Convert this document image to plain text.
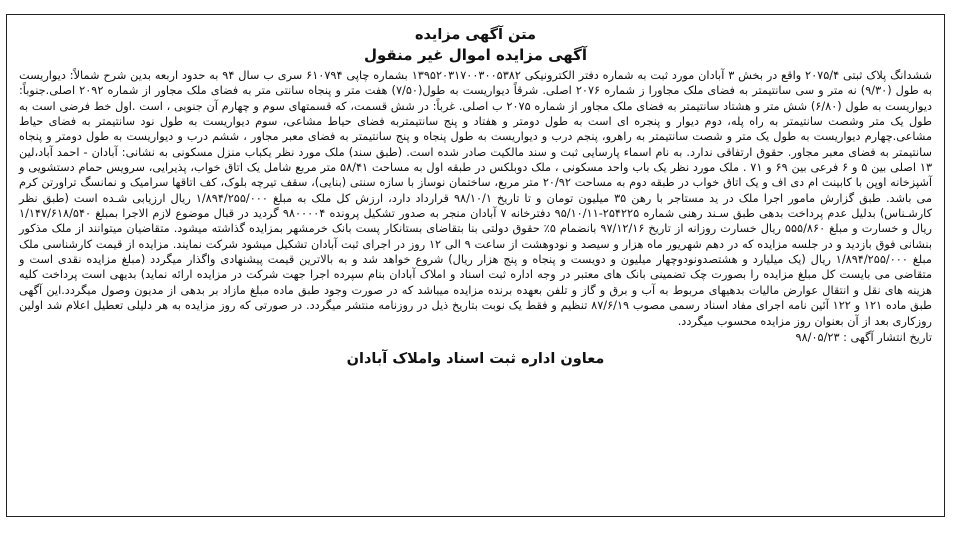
متن آگهی مزایده
آگهی مزایده اموال غیر منقول

ششدانگ پلاک ثبتی ۲۰۷۵/۴ واقع در بخش ۳ آبادان مورد ثبت به شماره دفتر الکترونیکی ۱۳۹۵۲۰۳۱۷۰۰۳۰۰۵۳۸۲ بشماره چاپی ۶۱۰۷۹۴ سری ب سال ۹۴ به حدود اربعه بدین شرح شمالاً: دیواریست به طول (۹/۳۰) نه متر و سی سانتیمتر به فضای ملک مجاورا ز شماره ۲۰۷۶ اصلی. شرقاً دیواریست به طول(۷/۵۰) هفت متر و پنجاه سانتی متر به فضای ملک مجاور از شماره ۲۰۹۲ اصلی.جنوباً: دیواریست به طول (۶/۸۰) شش متر و هشتاد سانتیمتر به فضای ملک مجاور از شماره ۲۰۷۵ ب اصلی. غرباً: در شش قسمت، که قسمتهای سوم و چهارم آن جنوبی ، است .اول خط فرضی است به طول یک متر وشصت سانتیمتر به راه پله، دوم دیوار و پنجره ای است به طول دومتر و هفتاد و پنج سانتیمتربه فضای حیاط مشاعی، سوم دیواریست به طول نود سانتیمتر به فضای حیاط مشاعی.چهارم دیواریست به طول یک متر و شصت سانتیمتر به راهرو، پنجم درب و دیواریست به طول پنجاه و پنج سانتیمتر به فضای معبر مجاور ، ششم درب و دیواریست به طول دومتر و پنجاه سانتیمتر به فضای معبر مجاور. حقوق ارتفاقی ندارد. به نام اسماء پارسایی ثبت و سند مالکیت صادر شده است. (طبق سند) ملک مورد نظر یکباب منزل مسکونی به نشانی: آبادان - احمد آباد،لین ۱۳ اصلی بین ۵ و ۶ فرعی بین ۶۹ و ۷۱ . ملک مورد نظر یک باب واحد مسکونی ، ملک دوبلکس در طبقه اول به مساحت ۵۸/۴۱ متر مربع شامل یک اتاق خواب، پذیرایی، سرویس حمام دستشویی و آشپزخانه اوپن با کابینت ام دی اف و یک اتاق خواب در طبقه دوم به مساحت ۲۰/۹۲ متر مربع، ساختمان نوساز با سازه سنتی (بنایی)، سقف تیرچه بلوک، کف اتاقها سرامیک و نمانسگ تراورتن کرم می باشد. طبق گزارش مامور اجرا ملک در ید مستاجر با رهن ۳۵ میلیون تومان و تا تاریخ ۹۸/۱۰/۱ قرارداد دارد، ارزش کل ملک به مبلغ ۱/۸۹۴/۲۵۵/۰۰۰ ریال ارزیابی شـده است (طبق نظر کارشـناس) بدلیل عدم پرداخت بدهی طبق سـند رهنی شماره ۲۵۴۲۲۵-۹۵/۱۰/۱۱ دفترخانه ۷ آبادان منجر به صدور تشکیل پرونده ۹۸۰۰۰۰۴ گردید در قبال موضوع لازم الاجرا بمبلغ ۱/۱۴۷/۶۱۸/۵۴۰ ریال و خسارت و مبلغ ۵۵۵/۸۶۰ ریال خسارت روزانه از تاریخ ۹۷/۱۲/۱۶ بانضمام ۵٪ حقوق دولتی بنا بتقاضای بستانکار پست بانک خرمشهر بمزایده گذاشته میشود. متقاضیان میتوانند از ملک مذکور بنشانی فوق بازدید و در جلسه مزایده که در دهم شهریور ماه هزار و سیصد و نودوهشت از ساعت ۹ الی ۱۲ روز در اجرای ثبت آبادان تشکیل میشود شرکت نمایند. مزایده از قیمت کارشناسی ملک مبلغ ۱/۸۹۴/۲۵۵/۰۰۰ ریال (یک میلیارد و هشتصدونودوچهار میلیون و دویست و پنجاه و پنج هزار ریال) شروع خواهد شد و به بالاترین قیمت پیشنهادی واگذار میگردد (مبلغ مزایده نقدی است و متقاضی می بایست کل مبلغ مزایده را بصورت چک تضمینی بانک های معتبر در وجه اداره ثبت اسناد و املاک آبادان بنام سپرده اجرا جهت شرکت در مزایده ارائه نماید) بدیهی است پرداخت کلیه هزینه های نقل و انتقال عوارض مالیات بدهیهای مربوط به آب و برق و گاز و تلفن بعهده برنده مزایده میباشد که در صورت وجود طبق ماده مبلغ مازاد بر بدهی از مدیون وصول میگردد.این آگهی طبق ماده ۱۲۱ و ۱۲۲ آئین نامه اجرای مفاد اسناد رسمی مصوب ۸۷/۶/۱۹ تنظیم و فقط یک نوبت بتاریخ ذیل در روزنامه منتشر میگردد. در صورتی که روز مزایده به هر دلیلی تعطیل اعلام شد اولین روزکاری بعد از آن بعنوان روز مزایده محسوب میگردد.

تاریخ انتشار آگهی : ۹۸/۰۵/۲۳
معاون اداره ثبت اسناد واملاک آبادان
